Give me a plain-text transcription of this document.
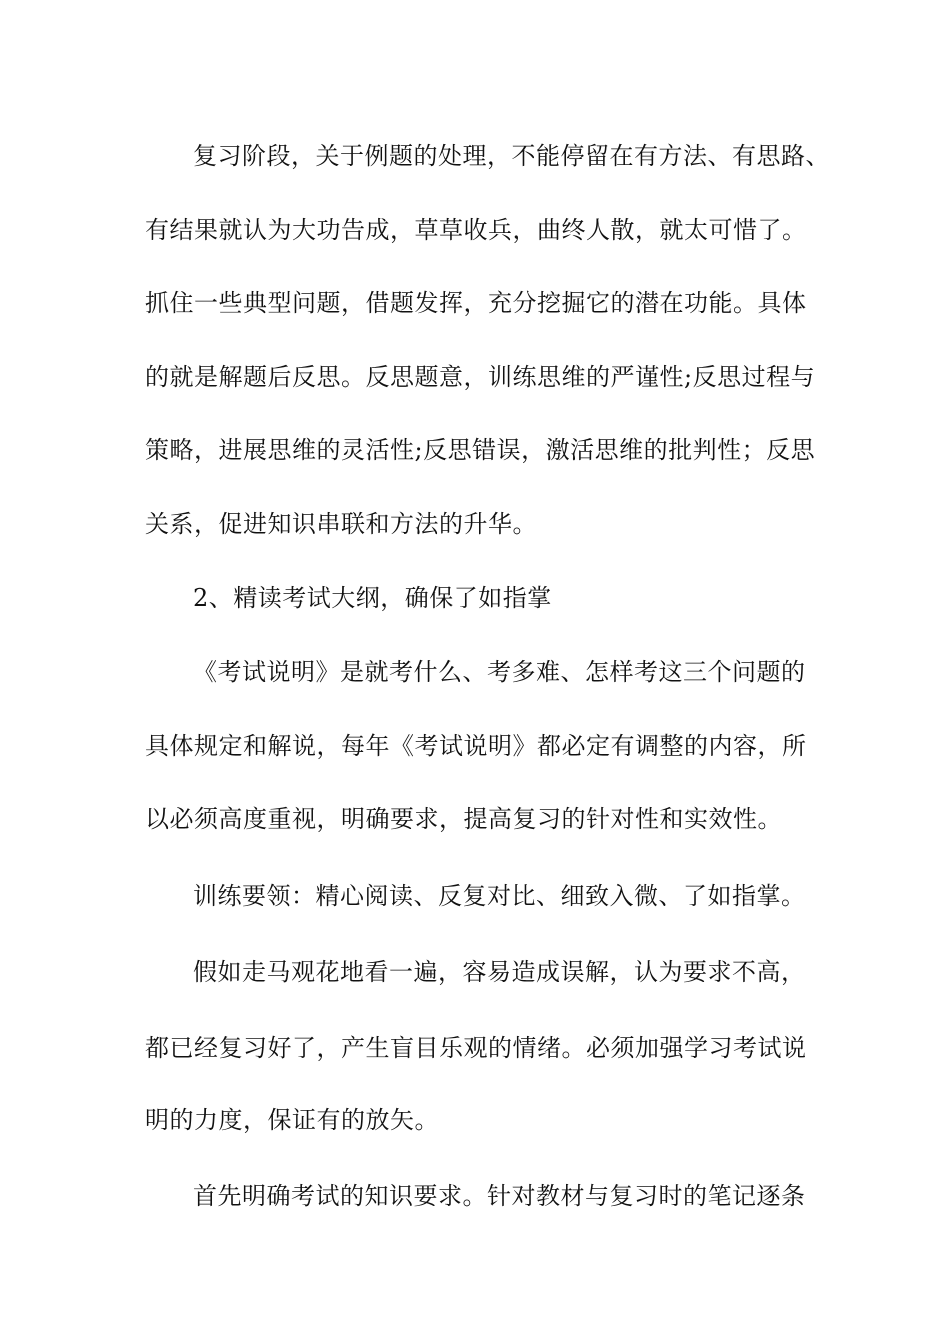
复习阶段，关于例题的处理，不能停留在有方法、有思路、
有结果就认为大功告成，草草收兵，曲终人散，就太可惜了。
抓住一些典型问题，借题发挥，充分挖掘它的潜在功能。具体
的就是解题后反思。反思题意，训练思维的严谨性;反思过程与
策略，进展思维的灵活性;反思错误，激活思维的批判性；反思
关系，促进知识串联和方法的升华。
2、精读考试大纲，确保了如指掌
《考试说明》是就考什么、考多难、怎样考这三个问题的
具体规定和解说，每年《考试说明》都必定有调整的内容，所
以必须高度重视，明确要求，提高复习的针对性和实效性。
训练要领：精心阅读、反复对比、细致入微、了如指掌。
假如走马观花地看一遍，容易造成误解，认为要求不高，
都已经复习好了，产生盲目乐观的情绪。必须加强学习考试说
明的力度，保证有的放矢。
首先明确考试的知识要求。针对教材与复习时的笔记逐条
